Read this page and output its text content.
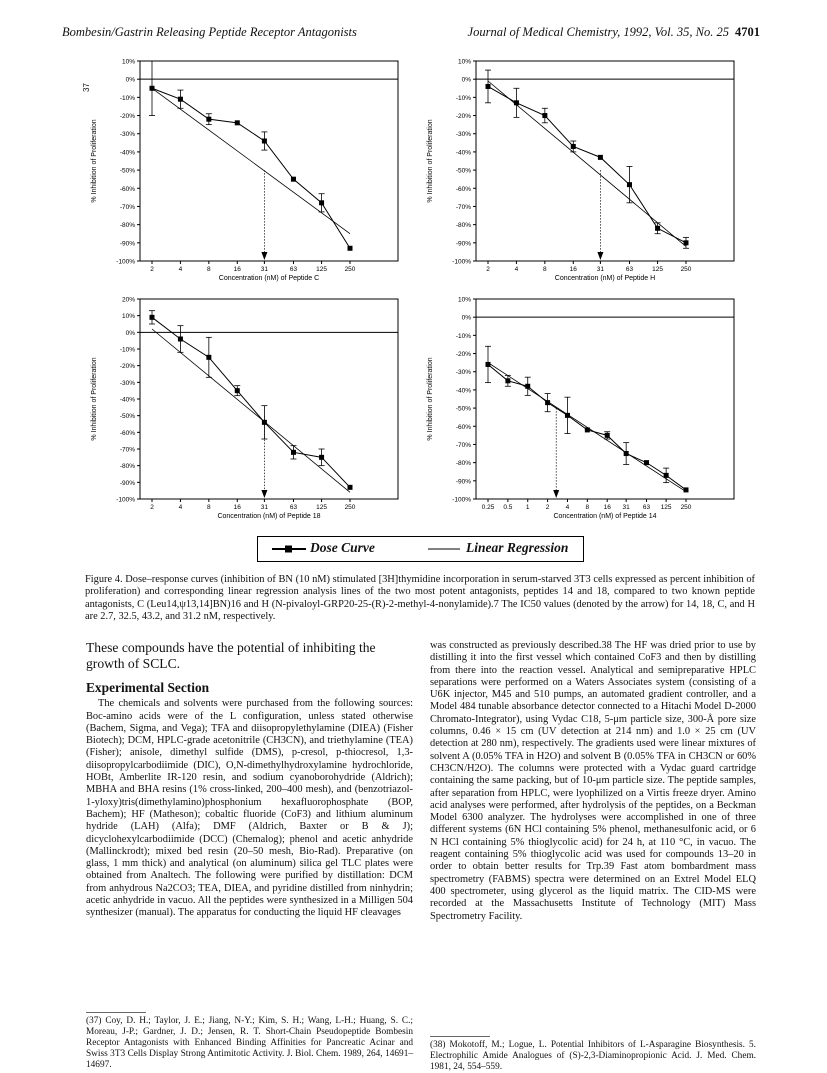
Bombesin/Gastrin Releasing Peptide Receptor Antagonists	Journal of Medical Chemistry, 1992, Vol. 35, No. 25 4701
37
10%
0%
-10%
-20%
-30%
-40%
-50%
-60%
-70%
-80%
-90%
-100%
2	4	8	16	31	63	125	250
Concentration (nM) of Peptide C
% Inhibition of Proliferation
10%
0%
-10%
-20%
-30%
-40%
-50%
-60%
-70%
-80%
-90%
-100%
2	4	8	16	31	63	125	250
Concentration (nM) of Peptide H
% Inhibition of Proliferation
20%
10%
0%
-10%
-20%
-30%
-40%
-50%
-60%
-70%
-80%
-90%
-100%
2	4	8	16	31	63	125	250
Concentration (nM) of Peptide 18
% Inhibition of Proliferation
10%
0%
-10%
-20%
-30%
-40%
-50%
-60%
-70%
-80%
-90%
-100%
0.25 0.5 1 2 4 8 16 31 63 125 250
Concentration (nM) of Peptide 14
% Inhibition of Proliferation
Dose Curve	Linear Regression
Figure 4. Dose–response curves (inhibition of BN (10 nM) stimulated [3H]thymidine incorporation in serum-starved 3T3 cells expressed as percent inhibition of proliferation) and corresponding linear regression analysis lines of the two most potent antagonists, peptides 14 and 18, compared to two known peptide antagonists, C (Leu14,ψ13,14]BN)16 and H (N-pivaloyl-GRP20-25-(R)-2-methyl-4-nonylamide).7 The IC50 values (denoted by the arrow) for 14, 18, C, and H are 2.7, 32.5, 43.2, and 31.2 nM, respectively.
These compounds have the potential of inhibiting the growth of SCLC.
Experimental Section
The chemicals and solvents were purchased from the following sources: Boc-amino acids were of the L configuration, unless stated otherwise (Bachem, Sigma, and Vega); TFA and diisopropylethylamine (DIEA) (Fisher Biotech); DCM, HPLC-grade acetonitrile (CH3CN), and triethylamine (TEA) (Fisher); anisole, dimethyl sulfide (DMS), p-cresol, p-thiocresol, 1,3-diisopropylcarbodiimide (DIC), O,N-dimethylhydroxylamine hydrochloride, HOBt, Amberlite IR-120 resin, and sodium cyanoborohydride (Aldrich); MBHA and BHA resins (1% cross-linked, 200–400 mesh), and (benzotriazol-1-yloxy)tris(dimethylamino)phosphonium hexafluorophosphate (BOP, Bachem); HF (Matheson); cobaltic fluoride (CoF3) and lithium aluminum hydride (LAH) (Alfa); DMF (Aldrich, Baxter or B & J); dicyclohexylcarbodiimide (DCC) (Chemalog); phenol and acetic anhydride (Mallinckrodt); mixed bed resin (20–50 mesh, Bio-Rad). Preparative (on glass, 1 mm thick) and analytical (on aluminum) silica gel TLC plates were obtained from Analtech. The following were purified by distillation: DCM from anhydrous Na2CO3; TEA, DIEA, and pyridine distilled from ninhydrin; acetic anhydride in vacuo. All the peptides were synthesized in a Milligen 504 synthesizer (manual). The apparatus for conducting the liquid HF cleavages
was constructed as previously described.38 The HF was dried prior to use by distilling it into the first vessel which contained CoF3 and then by distilling from there into the reaction vessel. Analytical and semipreparative HPLC separations were performed on a Waters Associates system (consisting of a U6K injector, M45 and 510 pumps, an automated gradient controller, and a Model 484 tunable absorbance detector connected to a Hitachi Model D-2000 Chromato-Integrator), using Vydac C18, 5-μm particle size, 300-Å pore size columns, 0.46 × 15 cm (UV detection at 214 nm) and 1.0 × 25 cm (UV detection at 280 nm), respectively. The gradients used were linear mixtures of solvent A (0.05% TFA in H2O) and solvent B (0.05% TFA in CH3CN or 60% CH3CN/H2O). The columns were protected with a Vydac guard cartridge containing the same packing, but of 10-μm particle size. The peptide samples, after separation from HPLC, were lyophilized on a Virtis freeze dryer. Amino acid analyses were performed, after hydrolysis of the peptides, on a Beckman Model 6300 analyzer. The hydrolyses were accomplished in one of three different systems (6N HCl containing 5% phenol, methanesulfonic acid, or 6 N HCl containing 5% thioglycolic acid) for 24 h, at 110 °C, in vacuo. The reagent containing 5% thioglycolic acid was used for compounds 13–20 in order to obtain better results for Trp.39 Fast atom bombardment mass spectrometry (FABMS) spectra were determined on an Extrel Model ELQ 400 spectrometer, using glycerol as the liquid matrix. The CID-MS were recorded at the Massachusetts Institute of Technology (MIT) Mass Spectrometry Facility.
(37) Coy, D. H.; Taylor, J. E.; Jiang, N-Y.; Kim, S. H.; Wang, L-H.; Huang, S. C.; Moreau, J-P.; Gardner, J. D.; Jensen, R. T. Short-Chain Pseudopeptide Bombesin Receptor Antagonists with Enhanced Binding Affinities for Pancreatic Acinar and Swiss 3T3 Cells Display Strong Antimitotic Activity. J. Biol. Chem. 1989, 264, 14691–14697.
(38) Mokotoff, M.; Logue, L. Potential Inhibitors of L-Asparagine Biosynthesis. 5. Electrophilic Amide Analogues of (S)-2,3-Diaminopropionic Acid. J. Med. Chem. 1981, 24, 554–559.
